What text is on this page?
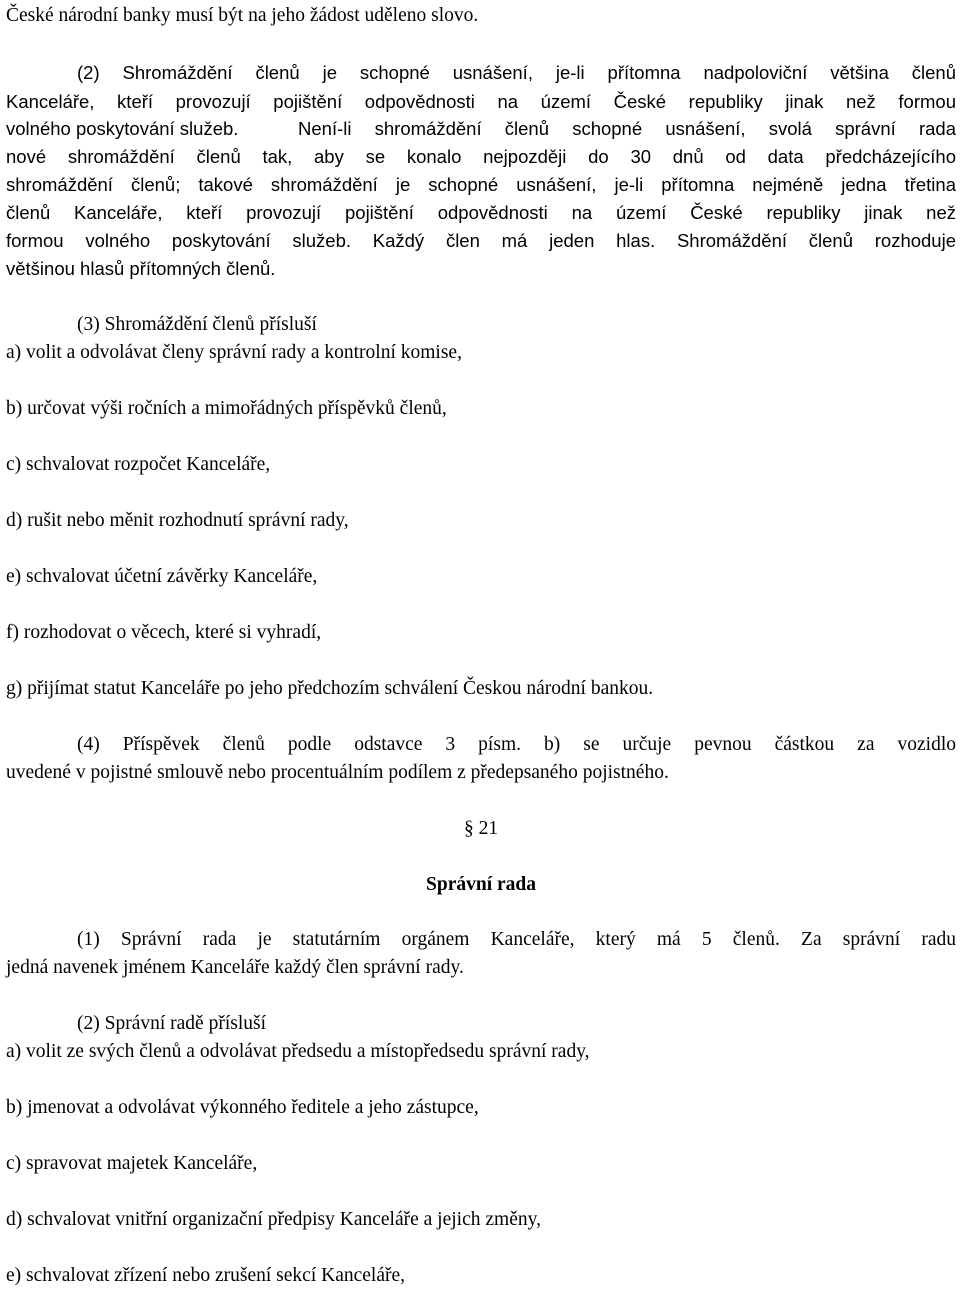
České národní banky musí být na jeho žádost uděleno slovo.
(2) Shromáždění členů je schopné usnášení, je-li přítomna nadpoloviční většina členů
Kanceláře, kteří provozují pojištění odpovědnosti na území České republiky jinak než formou
volného poskytování služeb.	Není-li shromáždění členů schopné usnášení, svolá správní rada
nové shromáždění členů tak, aby se konalo nejpozději do 30 dnů od data předcházejícího
shromáždění členů; takové shromáždění je schopné usnášení, je-li přítomna nejméně jedna třetina
členů Kanceláře, kteří provozují pojištění odpovědnosti na území České republiky jinak než
formou volného poskytování služeb. Každý člen má jeden hlas. Shromáždění členů rozhoduje
většinou hlasů přítomných členů.
(3) Shromáždění členů přísluší
a) volit a odvolávat členy správní rady a kontrolní komise,
b) určovat výši ročních a mimořádných příspěvků členů,
c) schvalovat rozpočet Kanceláře,
d) rušit nebo měnit rozhodnutí správní rady,
e) schvalovat účetní závěrky Kanceláře,
f) rozhodovat o věcech, které si vyhradí,
g) přijímat statut Kanceláře po jeho předchozím schválení Českou národní bankou.
(4) Příspěvek členů podle odstavce 3 písm. b) se určuje pevnou částkou za vozidlo
uvedené v pojistné smlouvě nebo procentuálním podílem z předepsaného pojistného.
§ 21
Správní rada
(1) Správní rada je statutárním orgánem Kanceláře, který má 5 členů. Za správní radu
jedná navenek jménem Kanceláře každý člen správní rady.
(2) Správní radě přísluší
a) volit ze svých členů a odvolávat předsedu a místopředsedu správní rady,
b) jmenovat a odvolávat výkonného ředitele a jeho zástupce,
c) spravovat majetek Kanceláře,
d) schvalovat vnitřní organizační předpisy Kanceláře a jejich změny,
e) schvalovat zřízení nebo zrušení sekcí Kanceláře,
